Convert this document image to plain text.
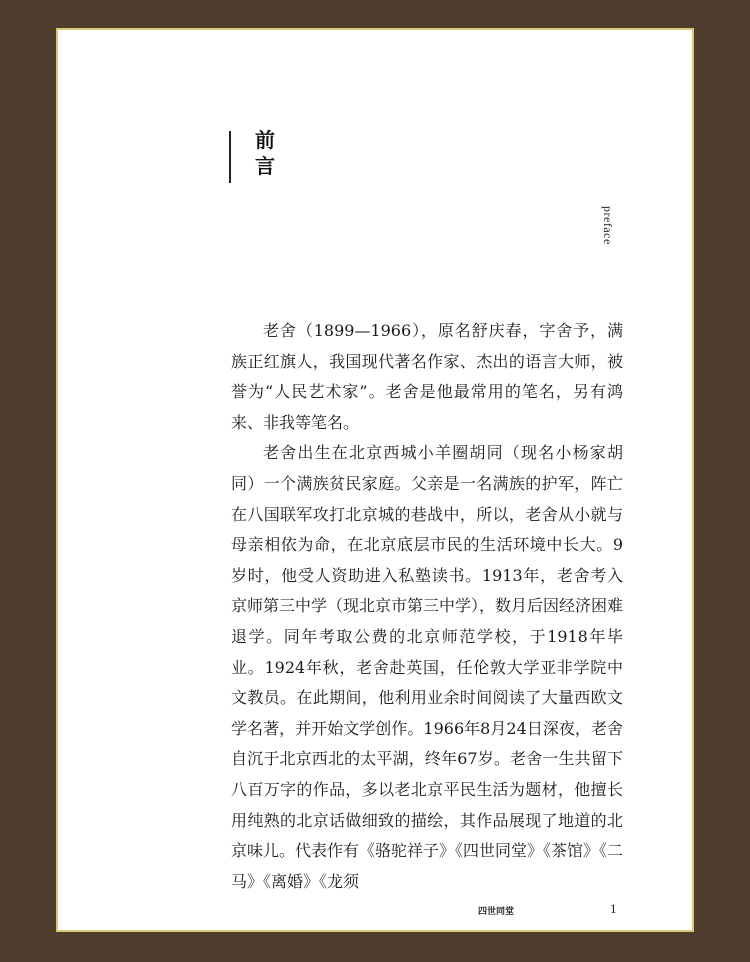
前
言
preface

老舍（1899—1966），原名舒庆春，字舍予，满族正红旗人，我国现代著名作家、杰出的语言大师，被誉为“人民艺术家”。老舍是他最常用的笔名，另有鸿来、非我等笔名。

老舍出生在北京西城小羊圈胡同（现名小杨家胡同）一个满族贫民家庭。父亲是一名满族的护军，阵亡在八国联军攻打北京城的巷战中，所以，老舍从小就与母亲相依为命，在北京底层市民的生活环境中长大。9岁时，他受人资助进入私塾读书。1913年，老舍考入京师第三中学（现北京市第三中学），数月后因经济困难退学。同年考取公费的北京师范学校，于1918年毕业。1924年秋，老舍赴英国，任伦敦大学亚非学院中文教员。在此期间，他利用业余时间阅读了大量西欧文学名著，并开始文学创作。1966年8月24日深夜，老舍自沉于北京西北的太平湖，终年67岁。老舍一生共留下八百万字的作品，多以老北京平民生活为题材，他擅长用纯熟的北京话做细致的描绘，其作品展现了地道的北京味儿。代表作有《骆驼祥子》《四世同堂》《茶馆》《二马》《离婚》《龙须

四世同堂	1
